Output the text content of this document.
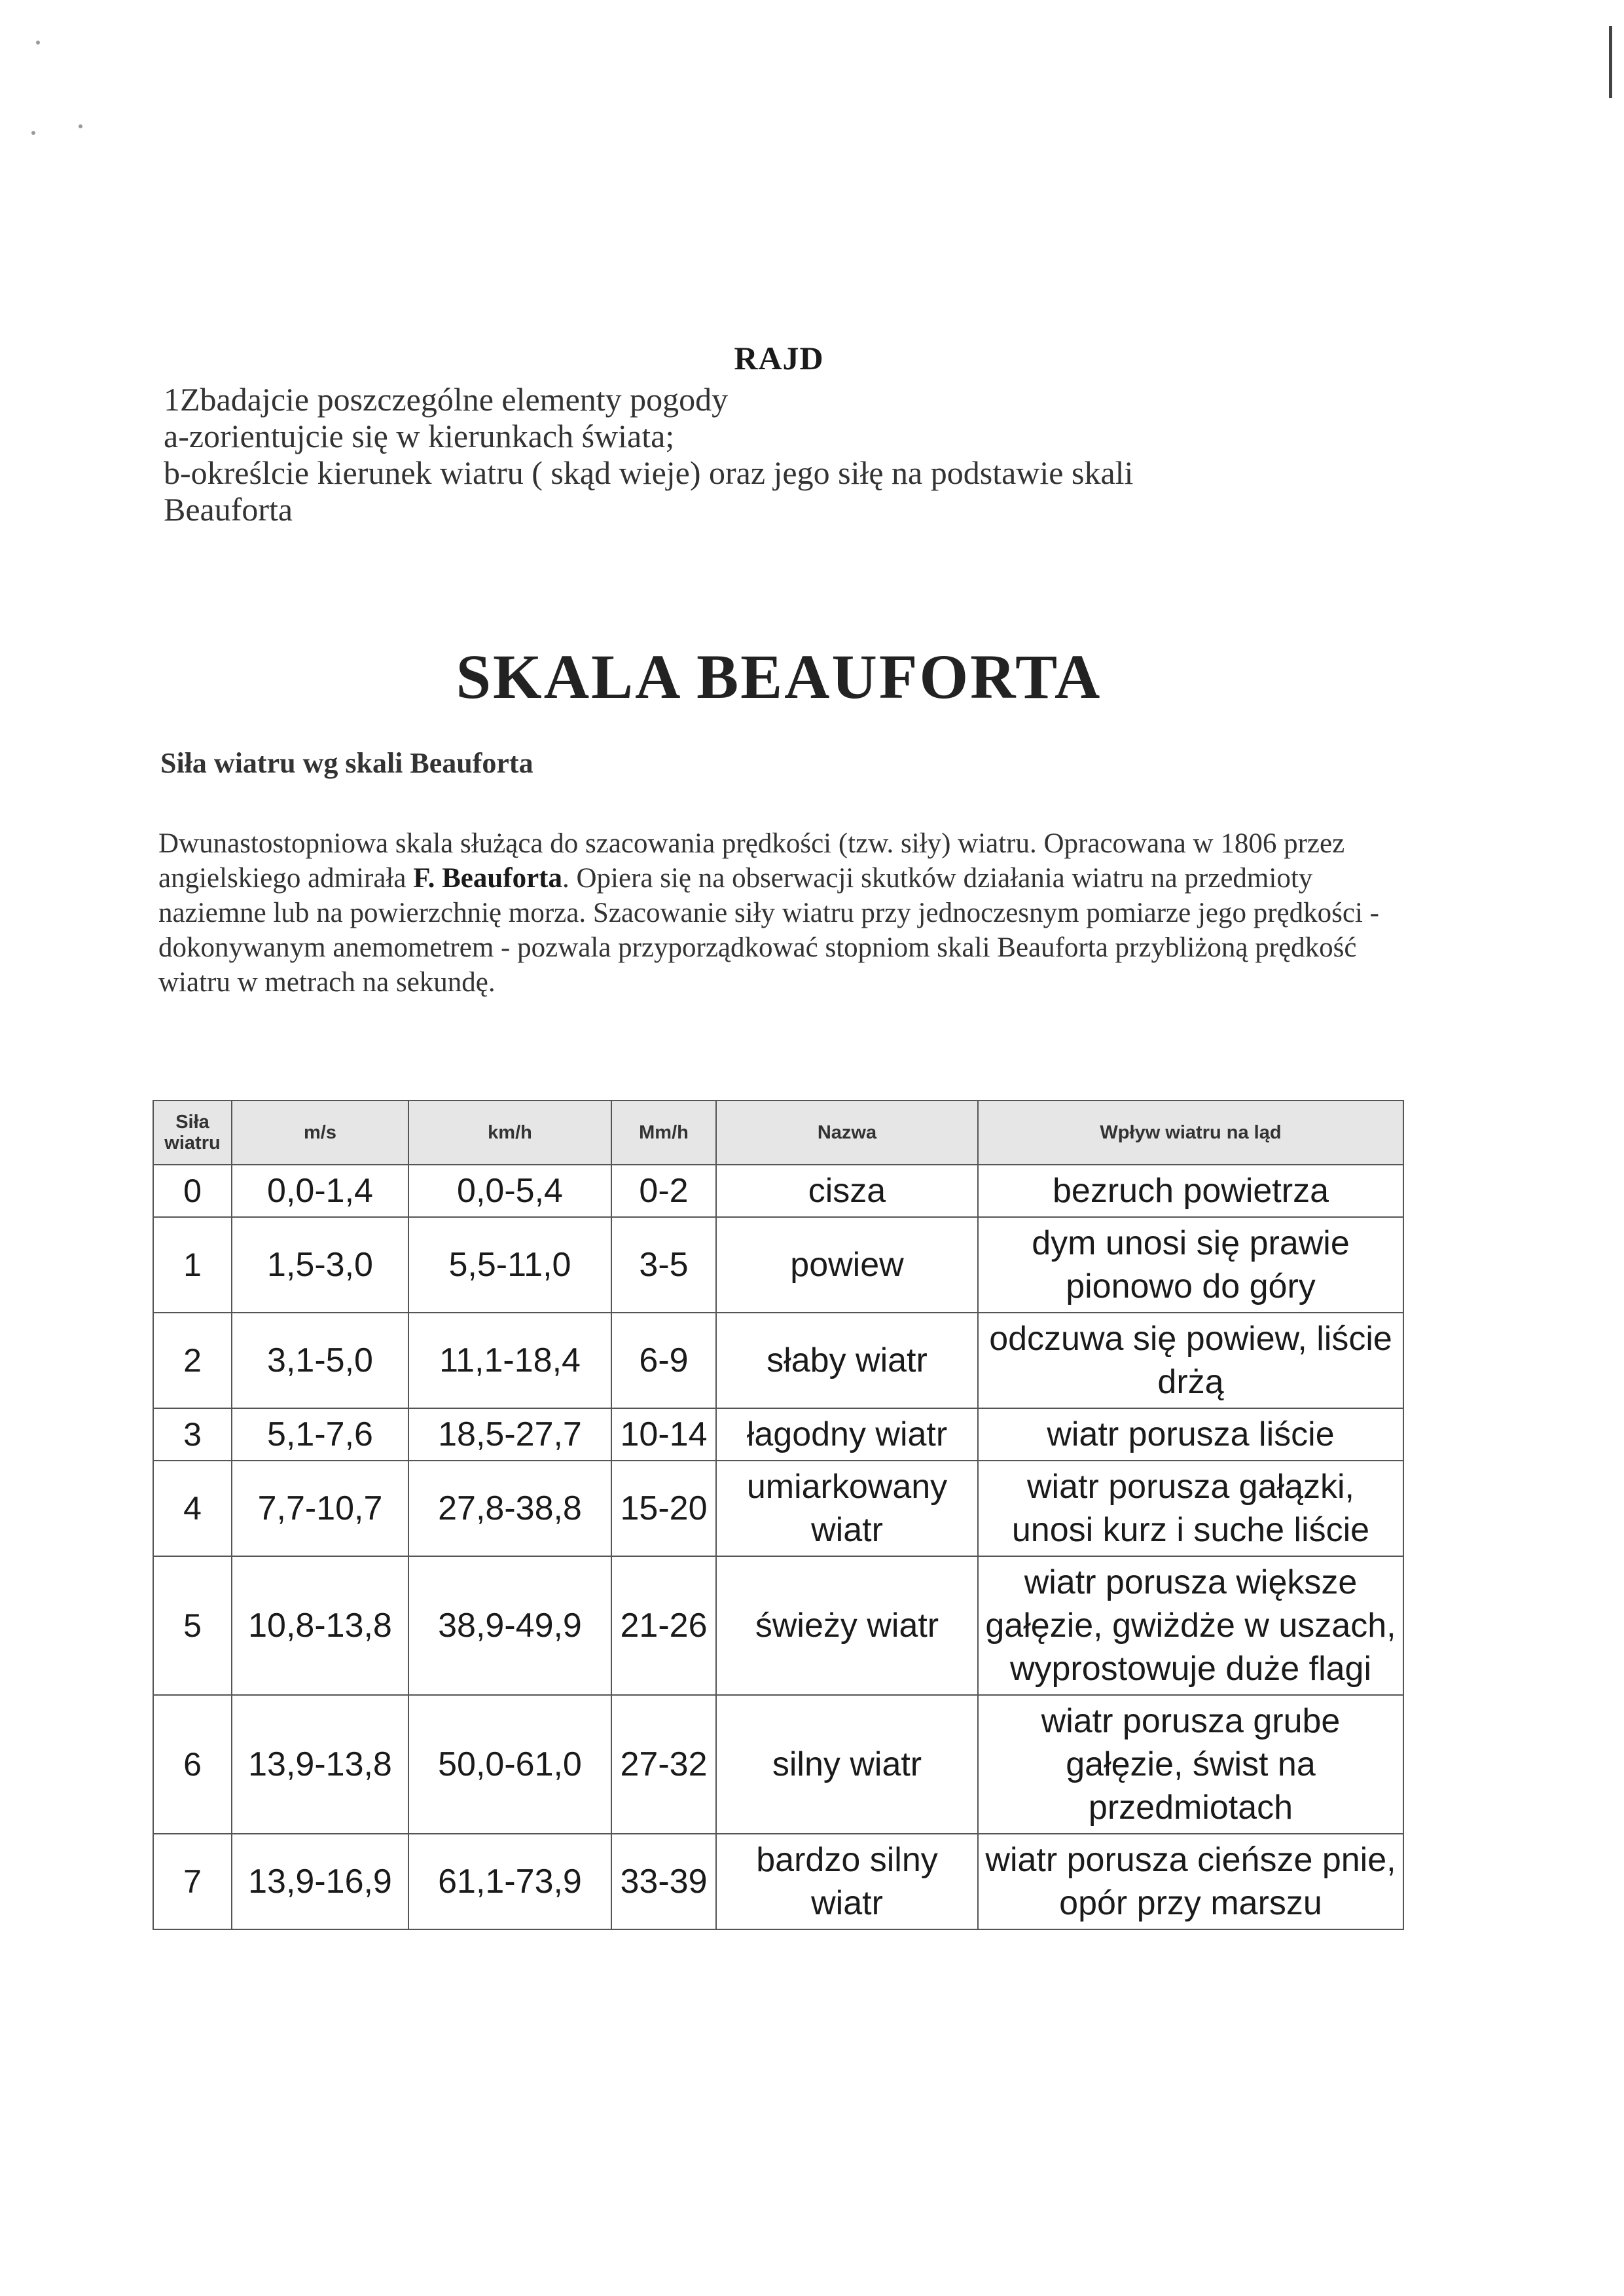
RAJD
1Zbadajcie poszczególne elementy pogody
a-zorientujcie się w kierunkach świata;
b-określcie kierunek wiatru ( skąd wieje) oraz jego siłę na podstawie skali
Beauforta
SKALA BEAUFORTA
Siła wiatru wg skali Beauforta
Dwunastostopniowa skala służąca do szacowania prędkości (tzw. siły) wiatru. Opracowana w 1806 przez angielskiego admirała F. Beauforta. Opiera się na obserwacji skutków działania wiatru na przedmioty naziemne lub na powierzchnię morza. Szacowanie siły wiatru przy jednoczesnym pomiarze jego prędkości - dokonywanym anemometrem - pozwala przyporządkować stopniom skali Beauforta przybliżoną prędkość wiatru w metrach na sekundę.
Siła
wiatru	m/s	km/h	Mm/h	Nazwa	Wpływ wiatru na ląd
0	0,0-1,4	0,0-5,4	0-2	cisza	bezruch powietrza
1	1,5-3,0	5,5-11,0	3-5	powiew	dym unosi się prawie pionowo do góry
2	3,1-5,0	11,1-18,4	6-9	słaby wiatr	odczuwa się powiew, liście drżą
3	5,1-7,6	18,5-27,7	10-14	łagodny wiatr	wiatr porusza liście
4	7,7-10,7	27,8-38,8	15-20	umiarkowany wiatr	wiatr porusza gałązki, unosi kurz i suche liście
5	10,8-13,8	38,9-49,9	21-26	świeży wiatr	wiatr porusza większe gałęzie, gwiżdże w uszach, wyprostowuje duże flagi
6	13,9-13,8	50,0-61,0	27-32	silny wiatr	wiatr porusza grube gałęzie, świst na przedmiotach
7	13,9-16,9	61,1-73,9	33-39	bardzo silny wiatr	wiatr porusza cieńsze pnie, opór przy marszu
